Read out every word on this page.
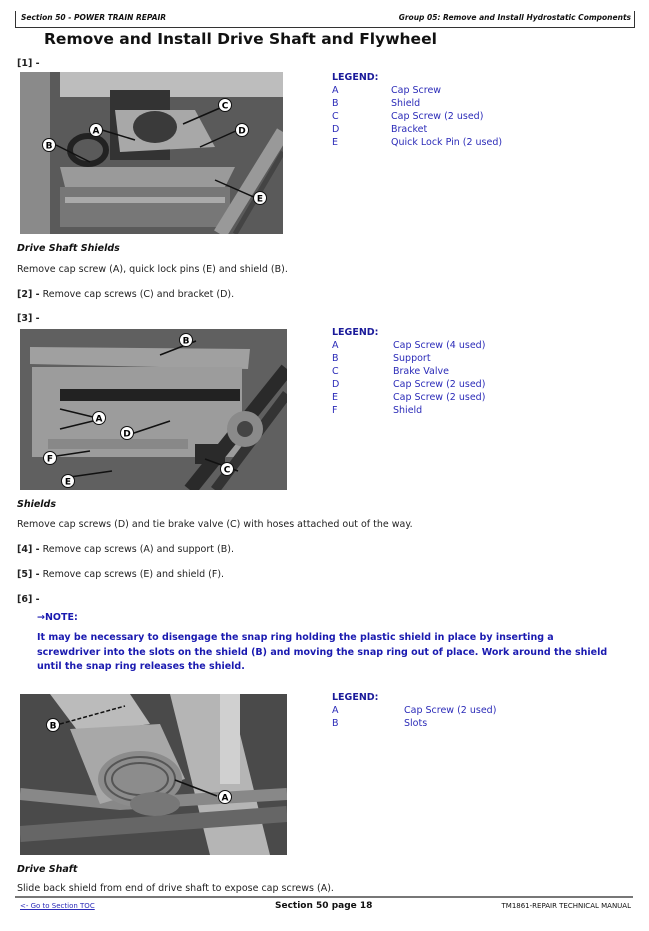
Section 50 - POWER TRAIN REPAIR	Group 05: Remove and Install Hydrostatic Components
Remove and Install Drive Shaft and Flywheel
[1] -
A
B
C
D
E
LEGEND:
A	Cap Screw
B	Shield
C	Cap Screw (2 used)
D	Bracket
E	Quick Lock Pin (2 used)
Drive Shaft Shields
Remove cap screw (A), quick lock pins (E) and shield (B).
[2] - Remove cap screws (C) and bracket (D).
[3] -
A
B
C
D
E
F
LEGEND:
A	Cap Screw (4 used)
B	Support
C	Brake Valve
D	Cap Screw (2 used)
E	Cap Screw (2 used)
F	Shield
Shields
Remove cap screws (D) and tie brake valve (C) with hoses attached out of the way.
[4] - Remove cap screws (A) and support (B).
[5] - Remove cap screws (E) and shield (F).
[6] -
→NOTE:
It may be necessary to disengage the snap ring holding the plastic shield in place by inserting a
screwdriver into the slots on the shield (B) and moving the snap ring out of place. Work around the shield
until the snap ring releases the shield.
A
B
LEGEND:
A	Cap Screw (2 used)
B	Slots
Drive Shaft
Slide back shield from end of drive shaft to expose cap screws (A).
<- Go to Section TOC	Section 50 page 18	TM1861-REPAIR TECHNICAL MANUAL
